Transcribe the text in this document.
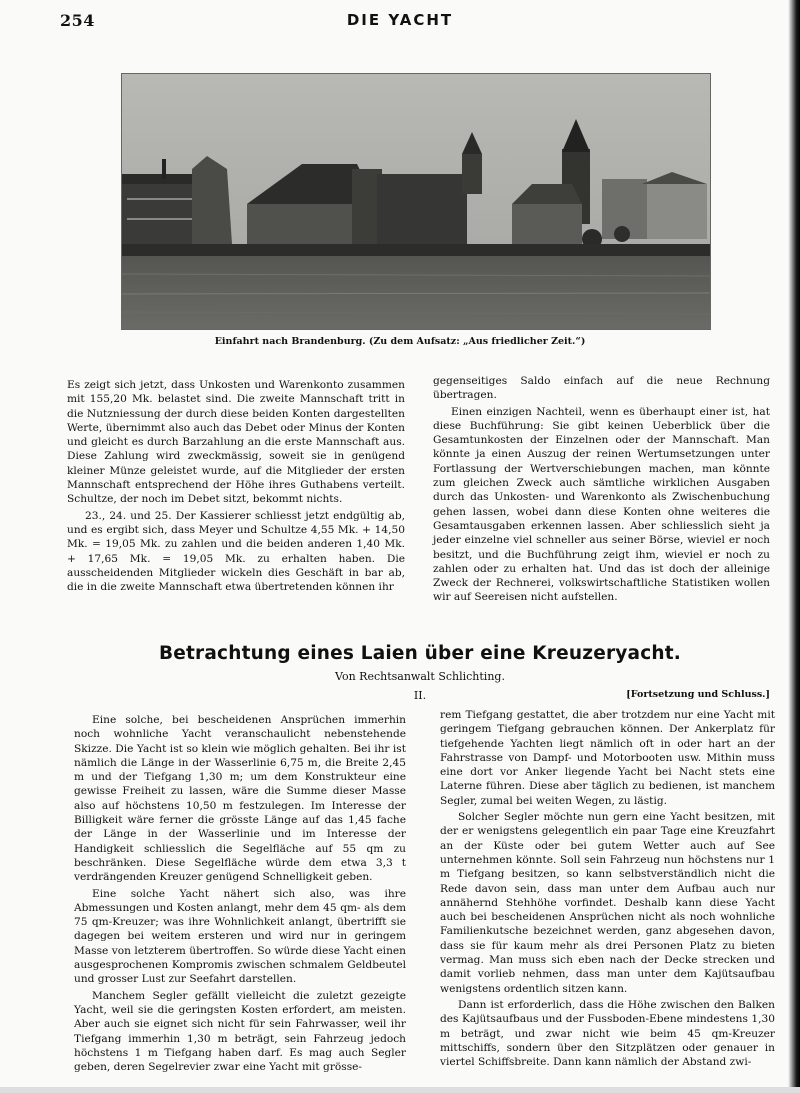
254	DIE YACHT
Einfahrt nach Brandenburg. (Zu dem Aufsatz: „Aus friedlicher Zeit.“)

Es zeigt sich jetzt, dass Unkosten und Warenkonto zusammen mit 155,20 Mk. belastet sind. Die zweite Mannschaft tritt in die Nutzniessung der durch diese beiden Konten dargestellten Werte, übernimmt also auch das Debet oder Minus der Konten und gleicht es durch Barzahlung an die erste Mannschaft aus. Diese Zahlung wird zweckmässig, soweit sie in genügend kleiner Münze geleistet wurde, auf die Mitglieder der ersten Mannschaft entsprechend der Höhe ihres Guthabens verteilt. Schultze, der noch im Debet sitzt, bekommt nichts.

23., 24. und 25. Der Kassierer schliesst jetzt endgültig ab, und es ergibt sich, dass Meyer und Schultze 4,55 Mk. + 14,50 Mk. = 19,05 Mk. zu zahlen und die beiden anderen 1,40 Mk. + 17,65 Mk. = 19,05 Mk. zu erhalten haben. Die ausscheidenden Mitglieder wickeln dies Geschäft in bar ab, die in die zweite Mannschaft etwa übertretenden können ihr

gegenseitiges Saldo einfach auf die neue Rechnung übertragen.

Einen einzigen Nachteil, wenn es überhaupt einer ist, hat diese Buchführung: Sie gibt keinen Ueberblick über die Gesamtunkosten der Einzelnen oder der Mannschaft. Man könnte ja einen Auszug der reinen Wertumsetzungen unter Fortlassung der Wertverschiebungen machen, man könnte zum gleichen Zweck auch sämtliche wirklichen Ausgaben durch das Unkosten- und Warenkonto als Zwischenbuchung gehen lassen, wobei dann diese Konten ohne weiteres die Gesamtausgaben erkennen lassen. Aber schliesslich sieht ja jeder einzelne viel schneller aus seiner Börse, wieviel er noch besitzt, und die Buchführung zeigt ihm, wieviel er noch zu zahlen oder zu erhalten hat. Und das ist doch der alleinige Zweck der Rechnerei, volkswirtschaftliche Statistiken wollen wir auf Seereisen nicht aufstellen.

Betrachtung eines Laien über eine Kreuzeryacht.
Von Rechtsanwalt Schlichting.
II.	[Fortsetzung und Schluss.]

Eine solche, bei bescheidenen Ansprüchen immerhin noch wohnliche Yacht veranschaulicht nebenstehende Skizze. Die Yacht ist so klein wie möglich gehalten. Bei ihr ist nämlich die Länge in der Wasserlinie 6,75 m, die Breite 2,45 m und der Tiefgang 1,30 m; um dem Konstrukteur eine gewisse Freiheit zu lassen, wäre die Summe dieser Masse also auf höchstens 10,50 m festzulegen. Im Interesse der Billigkeit wäre ferner die grösste Länge auf das 1,45 fache der Länge in der Wasserlinie und im Interesse der Handigkeit schliesslich die Segelfläche auf 55 qm zu beschränken. Diese Segelfläche würde dem etwa 3,3 t verdrängenden Kreuzer genügend Schnelligkeit geben.

Eine solche Yacht nähert sich also, was ihre Abmessungen und Kosten anlangt, mehr dem 45 qm- als dem 75 qm-Kreuzer; was ihre Wohnlichkeit anlangt, übertrifft sie dagegen bei weitem ersteren und wird nur in geringem Masse von letzterem übertroffen. So würde diese Yacht einen ausgesprochenen Kompromis zwischen schmalem Geldbeutel und grosser Lust zur Seefahrt darstellen.

Manchem Segler gefällt vielleicht die zuletzt gezeigte Yacht, weil sie die geringsten Kosten erfordert, am meisten. Aber auch sie eignet sich nicht für sein Fahrwasser, weil ihr Tiefgang immerhin 1,30 m beträgt, sein Fahrzeug jedoch höchstens 1 m Tiefgang haben darf. Es mag auch Segler geben, deren Segelrevier zwar eine Yacht mit grösse-

rem Tiefgang gestattet, die aber trotzdem nur eine Yacht mit geringem Tiefgang gebrauchen können. Der Ankerplatz für tiefgehende Yachten liegt nämlich oft in oder hart an der Fahrstrasse von Dampf- und Motorbooten usw. Mithin muss eine dort vor Anker liegende Yacht bei Nacht stets eine Laterne führen. Diese aber täglich zu bedienen, ist manchem Segler, zumal bei weiten Wegen, zu lästig.

Solcher Segler möchte nun gern eine Yacht besitzen, mit der er wenigstens gelegentlich ein paar Tage eine Kreuzfahrt an der Küste oder bei gutem Wetter auch auf See unternehmen könnte. Soll sein Fahrzeug nun höchstens nur 1 m Tiefgang besitzen, so kann selbstverständlich nicht die Rede davon sein, dass man unter dem Aufbau auch nur annähernd Stehhöhe vorfindet. Deshalb kann diese Yacht auch bei bescheidenen Ansprüchen nicht als noch wohnliche Familienkutsche bezeichnet werden, ganz abgesehen davon, dass sie für kaum mehr als drei Personen Platz zu bieten vermag. Man muss sich eben nach der Decke strecken und damit vorlieb nehmen, dass man unter dem Kajütsaufbau wenigstens ordentlich sitzen kann.

Dann ist erforderlich, dass die Höhe zwischen den Balken des Kajütsaufbaus und der Fussboden-Ebene mindestens 1,30 m beträgt, und zwar nicht wie beim 45 qm-Kreuzer mittschiffs, sondern über den Sitzplätzen oder genauer in viertel Schiffsbreite. Dann kann nämlich der Abstand zwi-
